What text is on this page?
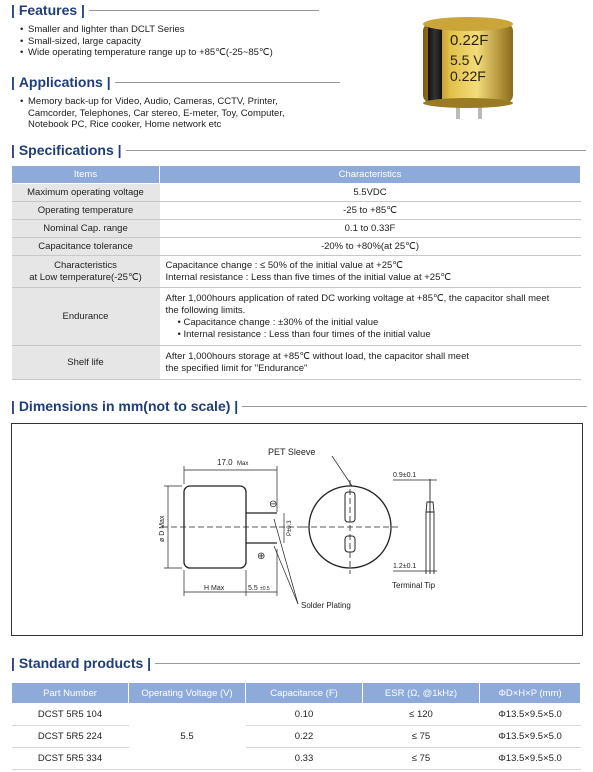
| Features |
• Smaller and lighter than DCLT Series
• Small-sized, large capacity
• Wide operating temperature range up to +85℃(-25~85℃)
| Applications |
• Memory back-up for Video, Audio, Cameras, CCTV, Printer,
Camcorder, Telephones, Car stereo, E-meter, Toy, Computer,
Notebook PC, Rice cooker, Home network etc
0.22F
5.5 V
0.22F
| Specifications |
Items	Characteristics
Maximum operating voltage	5.5VDC
Operating temperature	-25 to +85℃
Nominal Cap. range	0.1 to 0.33F
Capacitance tolerance	-20% to +80%(at 25℃)
Characteristics
at Low temperature(-25℃)	Capacitance change : ≤ 50% of the initial value at +25℃
Internal resistance : Less than five times of the initial value at +25℃
Endurance	After 1,000hours application of rated DC working voltage at +85℃, the capacitor shall meet
the following limits.
• Capacitance change : ±30% of the initial value
• Internal resistance : Less than four times of the initial value
Shelf life	After 1,000hours storage at +85℃ without load, the capacitor shall meet
the specified limit for "Endurance"
| Dimensions in mm(not to scale) |
17.0 Max
ø D Max
⊖
⊕
P±0.3
H Max	5.5 ±0.5
Solder Plating
PET Sleeve
0.9±0.1
1.2±0.1
Terminal Tip
| Standard products |
Part Number	Operating Voltage (V)	Capacitance (F)	ESR (Ω, @1kHz)	ΦD×H×P (mm)
DCST 5R5 104	5.5	0.10	≤ 120	Φ13.5×9.5×5.0
DCST 5R5 224		0.22	≤ 75	Φ13.5×9.5×5.0
DCST 5R5 334		0.33	≤ 75	Φ13.5×9.5×5.0
